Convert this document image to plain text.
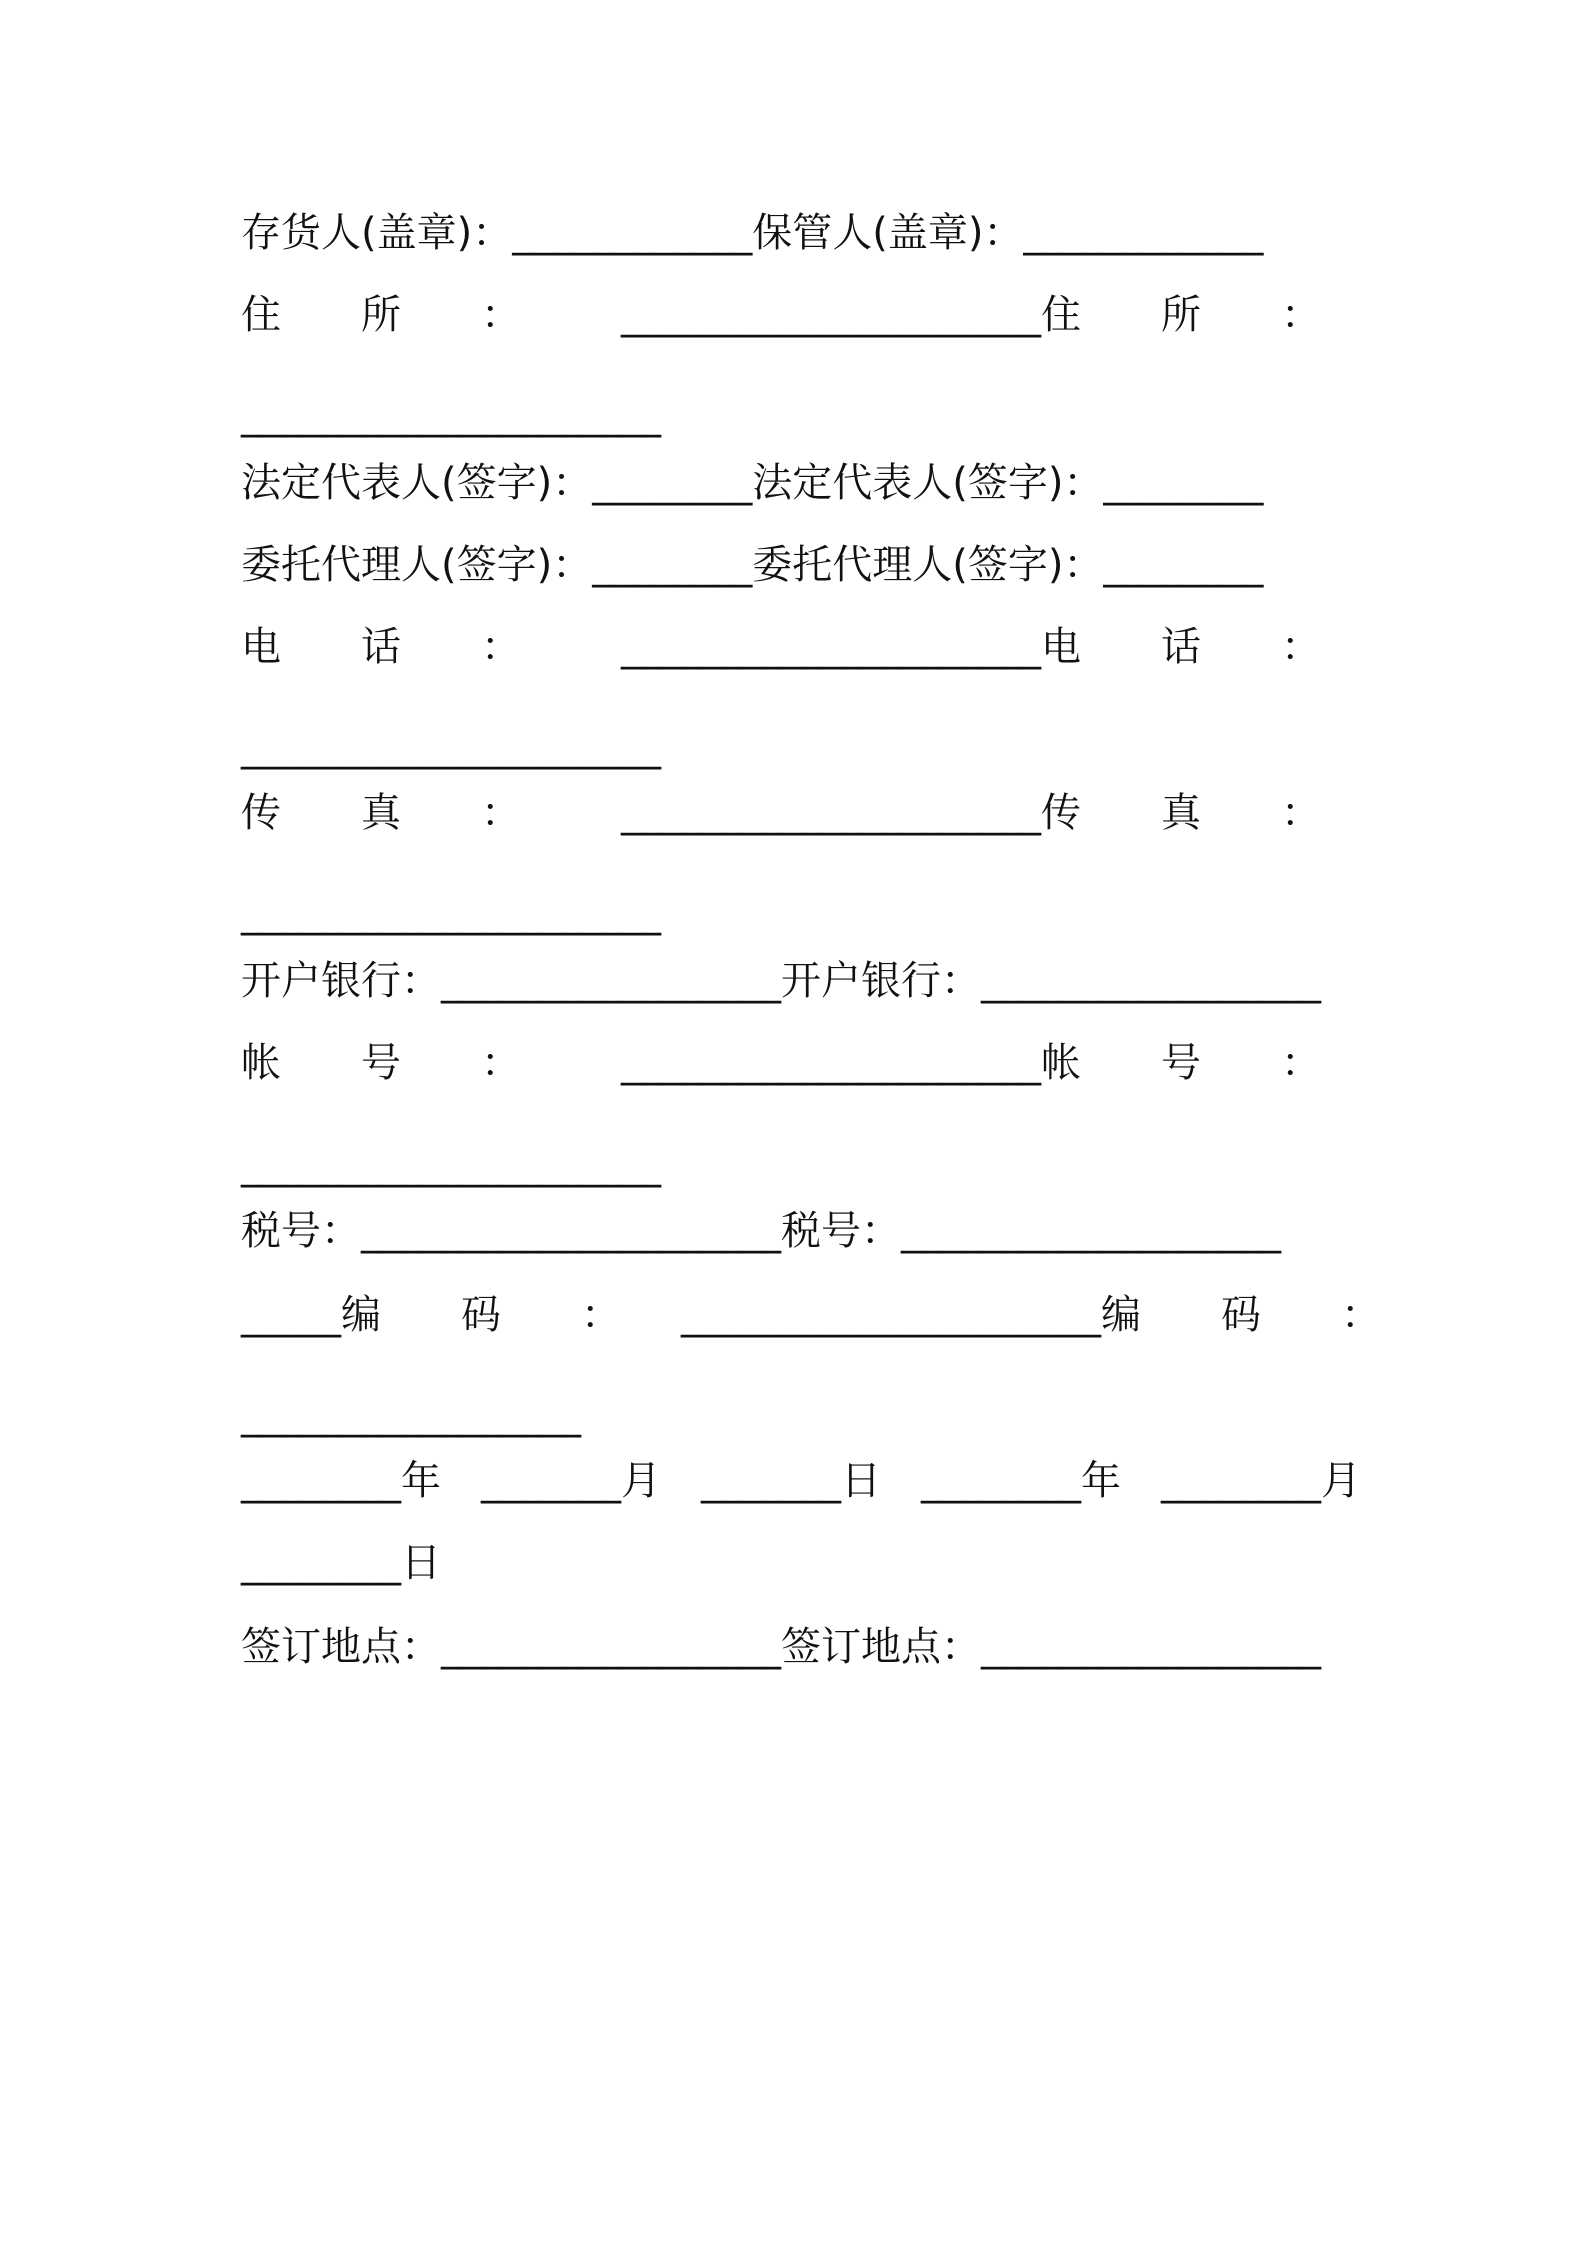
存货人(盖章)：____________保管人(盖章)：____________
住　　所　　：　　　_____________________住　　所　　：
_____________________
法定代表人(签字)：________法定代表人(签字)：________
委托代理人(签字)：________委托代理人(签字)：________
电　　话　　：　　　_____________________电　　话　　：
_____________________
传　　真　　：　　　_____________________传　　真　　：
_____________________
开户银行：_________________开户银行：_________________
帐　　号　　：　　　_____________________帐　　号　　：
_____________________
税号：_____________________税号：___________________
_____编　　码　　：　　_____________________编　　码　　：
_________________
________年　_______月　_______日　________年　________月
________日
签订地点：_________________签订地点：_________________
